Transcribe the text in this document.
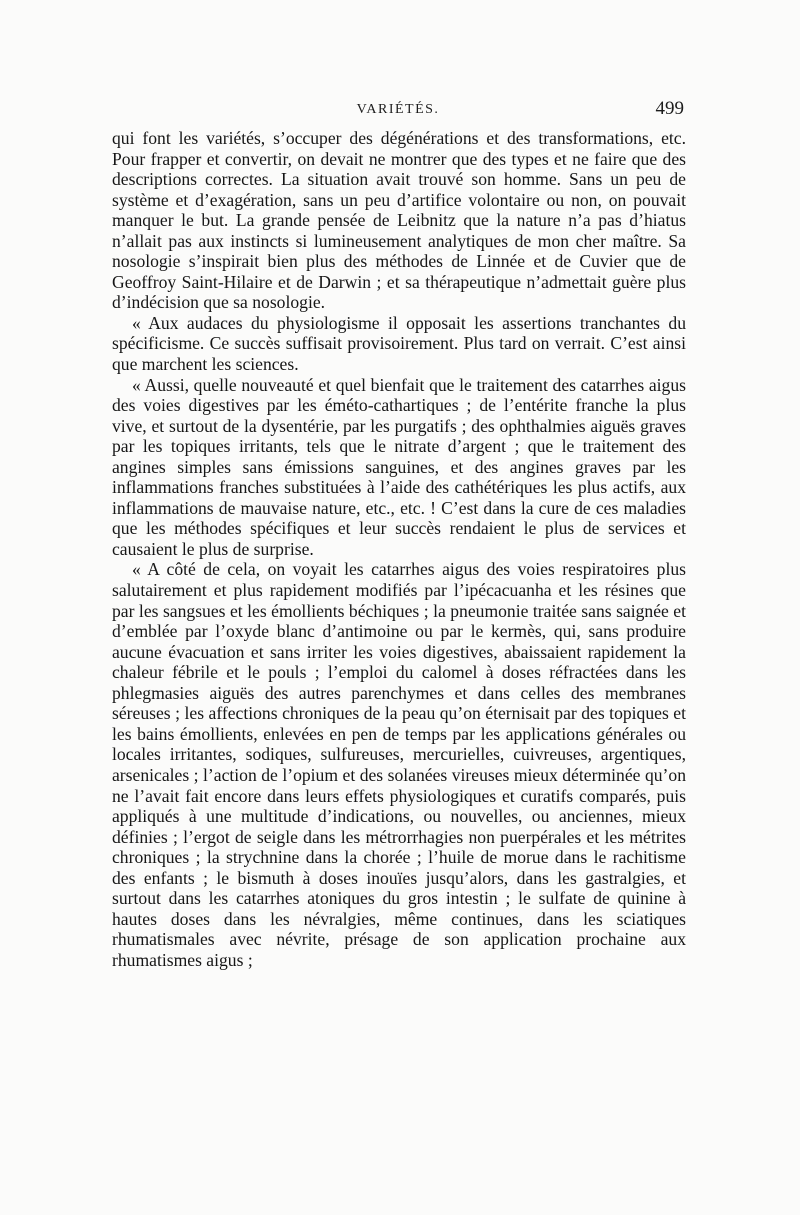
VARIÉTÉS.	499

qui font les variétés, s’occuper des dégénérations et des transformations, etc. Pour frapper et convertir, on devait ne montrer que des types et ne faire que des descriptions correctes. La situation avait trouvé son homme. Sans un peu de système et d’exagération, sans un peu d’artifice volontaire ou non, on pouvait manquer le but. La grande pensée de Leibnitz que la nature n’a pas d’hiatus n’allait pas aux instincts si lumineusement analytiques de mon cher maître. Sa nosologie s’inspirait bien plus des méthodes de Linnée et de Cuvier que de Geoffroy Saint-Hilaire et de Darwin ; et sa thérapeutique n’admettait guère plus d’indécision que sa nosologie.

« Aux audaces du physiologisme il opposait les assertions tranchantes du spécificisme. Ce succès suffisait provisoirement. Plus tard on verrait. C’est ainsi que marchent les sciences.

« Aussi, quelle nouveauté et quel bienfait que le traitement des catarrhes aigus des voies digestives par les éméto-cathartiques ; de l’entérite franche la plus vive, et surtout de la dysentérie, par les purgatifs ; des ophthalmies aiguës graves par les topiques irritants, tels que le nitrate d’argent ; que le traitement des angines simples sans émissions sanguines, et des angines graves par les inflammations franches substituées à l’aide des cathétériques les plus actifs, aux inflammations de mauvaise nature, etc., etc. ! C’est dans la cure de ces maladies que les méthodes spécifiques et leur succès rendaient le plus de services et causaient le plus de surprise.

« A côté de cela, on voyait les catarrhes aigus des voies respiratoires plus salutairement et plus rapidement modifiés par l’ipécacuanha et les résines que par les sangsues et les émollients béchiques ; la pneumonie traitée sans saignée et d’emblée par l’oxyde blanc d’antimoine ou par le kermès, qui, sans produire aucune évacuation et sans irriter les voies digestives, abaissaient rapidement la chaleur fébrile et le pouls ; l’emploi du calomel à doses réfractées dans les phlegmasies aiguës des autres parenchymes et dans celles des membranes séreuses ; les affections chroniques de la peau qu’on éternisait par des topiques et les bains émollients, enlevées en pen de temps par les applications générales ou locales irritantes, sodiques, sulfureuses, mercurielles, cuivreuses, argentiques, arsenicales ; l’action de l’opium et des solanées vireuses mieux déterminée qu’on ne l’avait fait encore dans leurs effets physiologiques et curatifs comparés, puis appliqués à une multitude d’indications, ou nouvelles, ou anciennes, mieux définies ; l’ergot de seigle dans les métrorrhagies non puerpérales et les métrites chroniques ; la strychnine dans la chorée ; l’huile de morue dans le rachitisme des enfants ; le bismuth à doses inouïes jusqu’alors, dans les gastralgies, et surtout dans les catarrhes atoniques du gros intestin ; le sulfate de quinine à hautes doses dans les névralgies, même continues, dans les sciatiques rhumatismales avec névrite, présage de son application prochaine aux rhumatismes aigus ;
